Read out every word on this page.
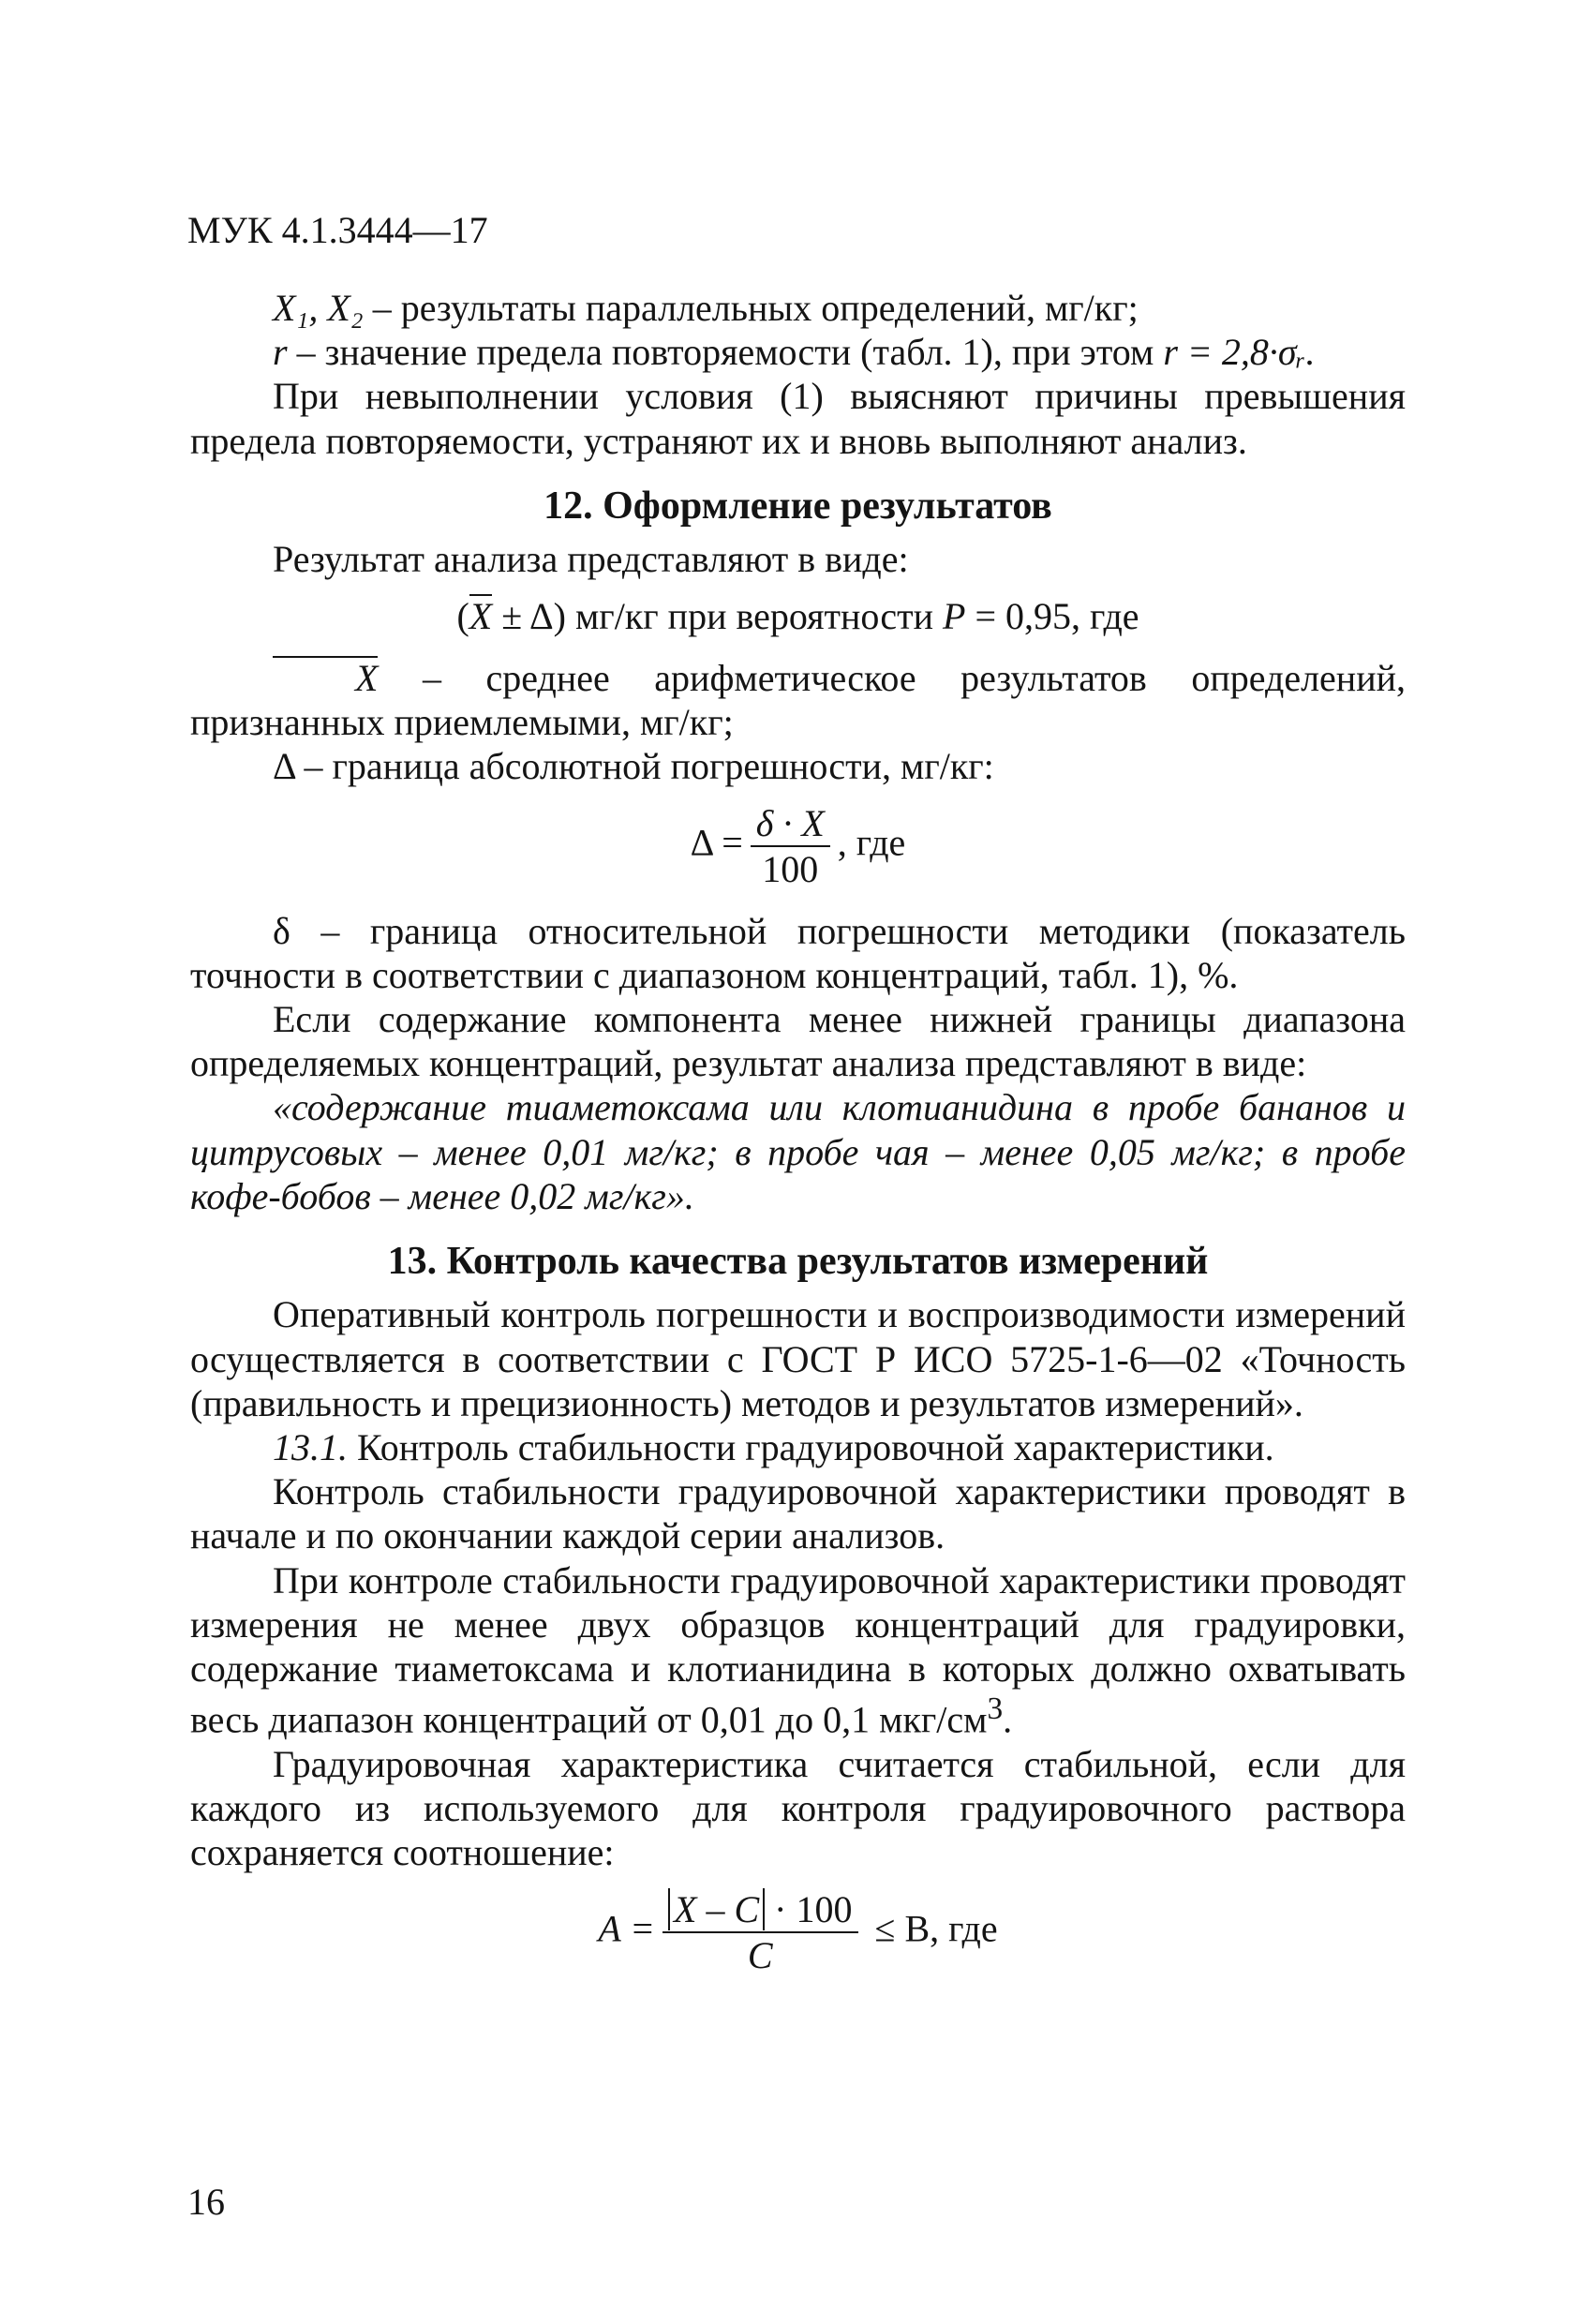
МУК 4.1.3444—17

X₁, X₂ – результаты параллельных определений, мг/кг;

r – значение предела повторяемости (табл. 1), при этом r = 2,8·σᵣ.

При невыполнении условия (1) выясняют причины превышения предела повторяемости, устраняют их и вновь выполняют анализ.

12. Оформление результатов

Результат анализа представляют в виде:

(X ± Δ) мг/кг при вероятности P = 0,95, где

X – среднее арифметическое результатов определений, признанных приемлемыми, мг/кг;

Δ – граница абсолютной погрешности, мг/кг:

$\Delta = \frac{\delta \cdot X}{100}$ , где

δ – граница относительной погрешности методики (показатель точности в соответствии с диапазоном концентраций, табл. 1), %.

Если содержание компонента менее нижней границы диапазона определяемых концентраций, результат анализа представляют в виде:

«содержание тиаметоксама или клотианидина в пробе бананов и цитрусовых – менее 0,01 мг/кг; в пробе чая – менее 0,05 мг/кг; в пробе кофе-бобов – менее 0,02 мг/кг».

13. Контроль качества результатов измерений

Оперативный контроль погрешности и воспроизводимости измерений осуществляется в соответствии с ГОСТ Р ИСО 5725-1-6—02 «Точность (правильность и прецизионность) методов и результатов измерений».

13.1. Контроль стабильности градуировочной характеристики.

Контроль стабильности градуировочной характеристики проводят в начале и по окончании каждой серии анализов.

При контроле стабильности градуировочной характеристики проводят измерения не менее двух образцов концентраций для градуировки, содержание тиаметоксама и клотианидина в которых должно охватывать весь диапазон концентраций от 0,01 до 0,1 мкг/$см^3$.

Градуировочная характеристика считается стабильной, если для каждого из используемого для контроля градуировочного раствора сохраняется соотношение:

$A = \frac{X - C \cdot 100}{C} \le B$, где
16
